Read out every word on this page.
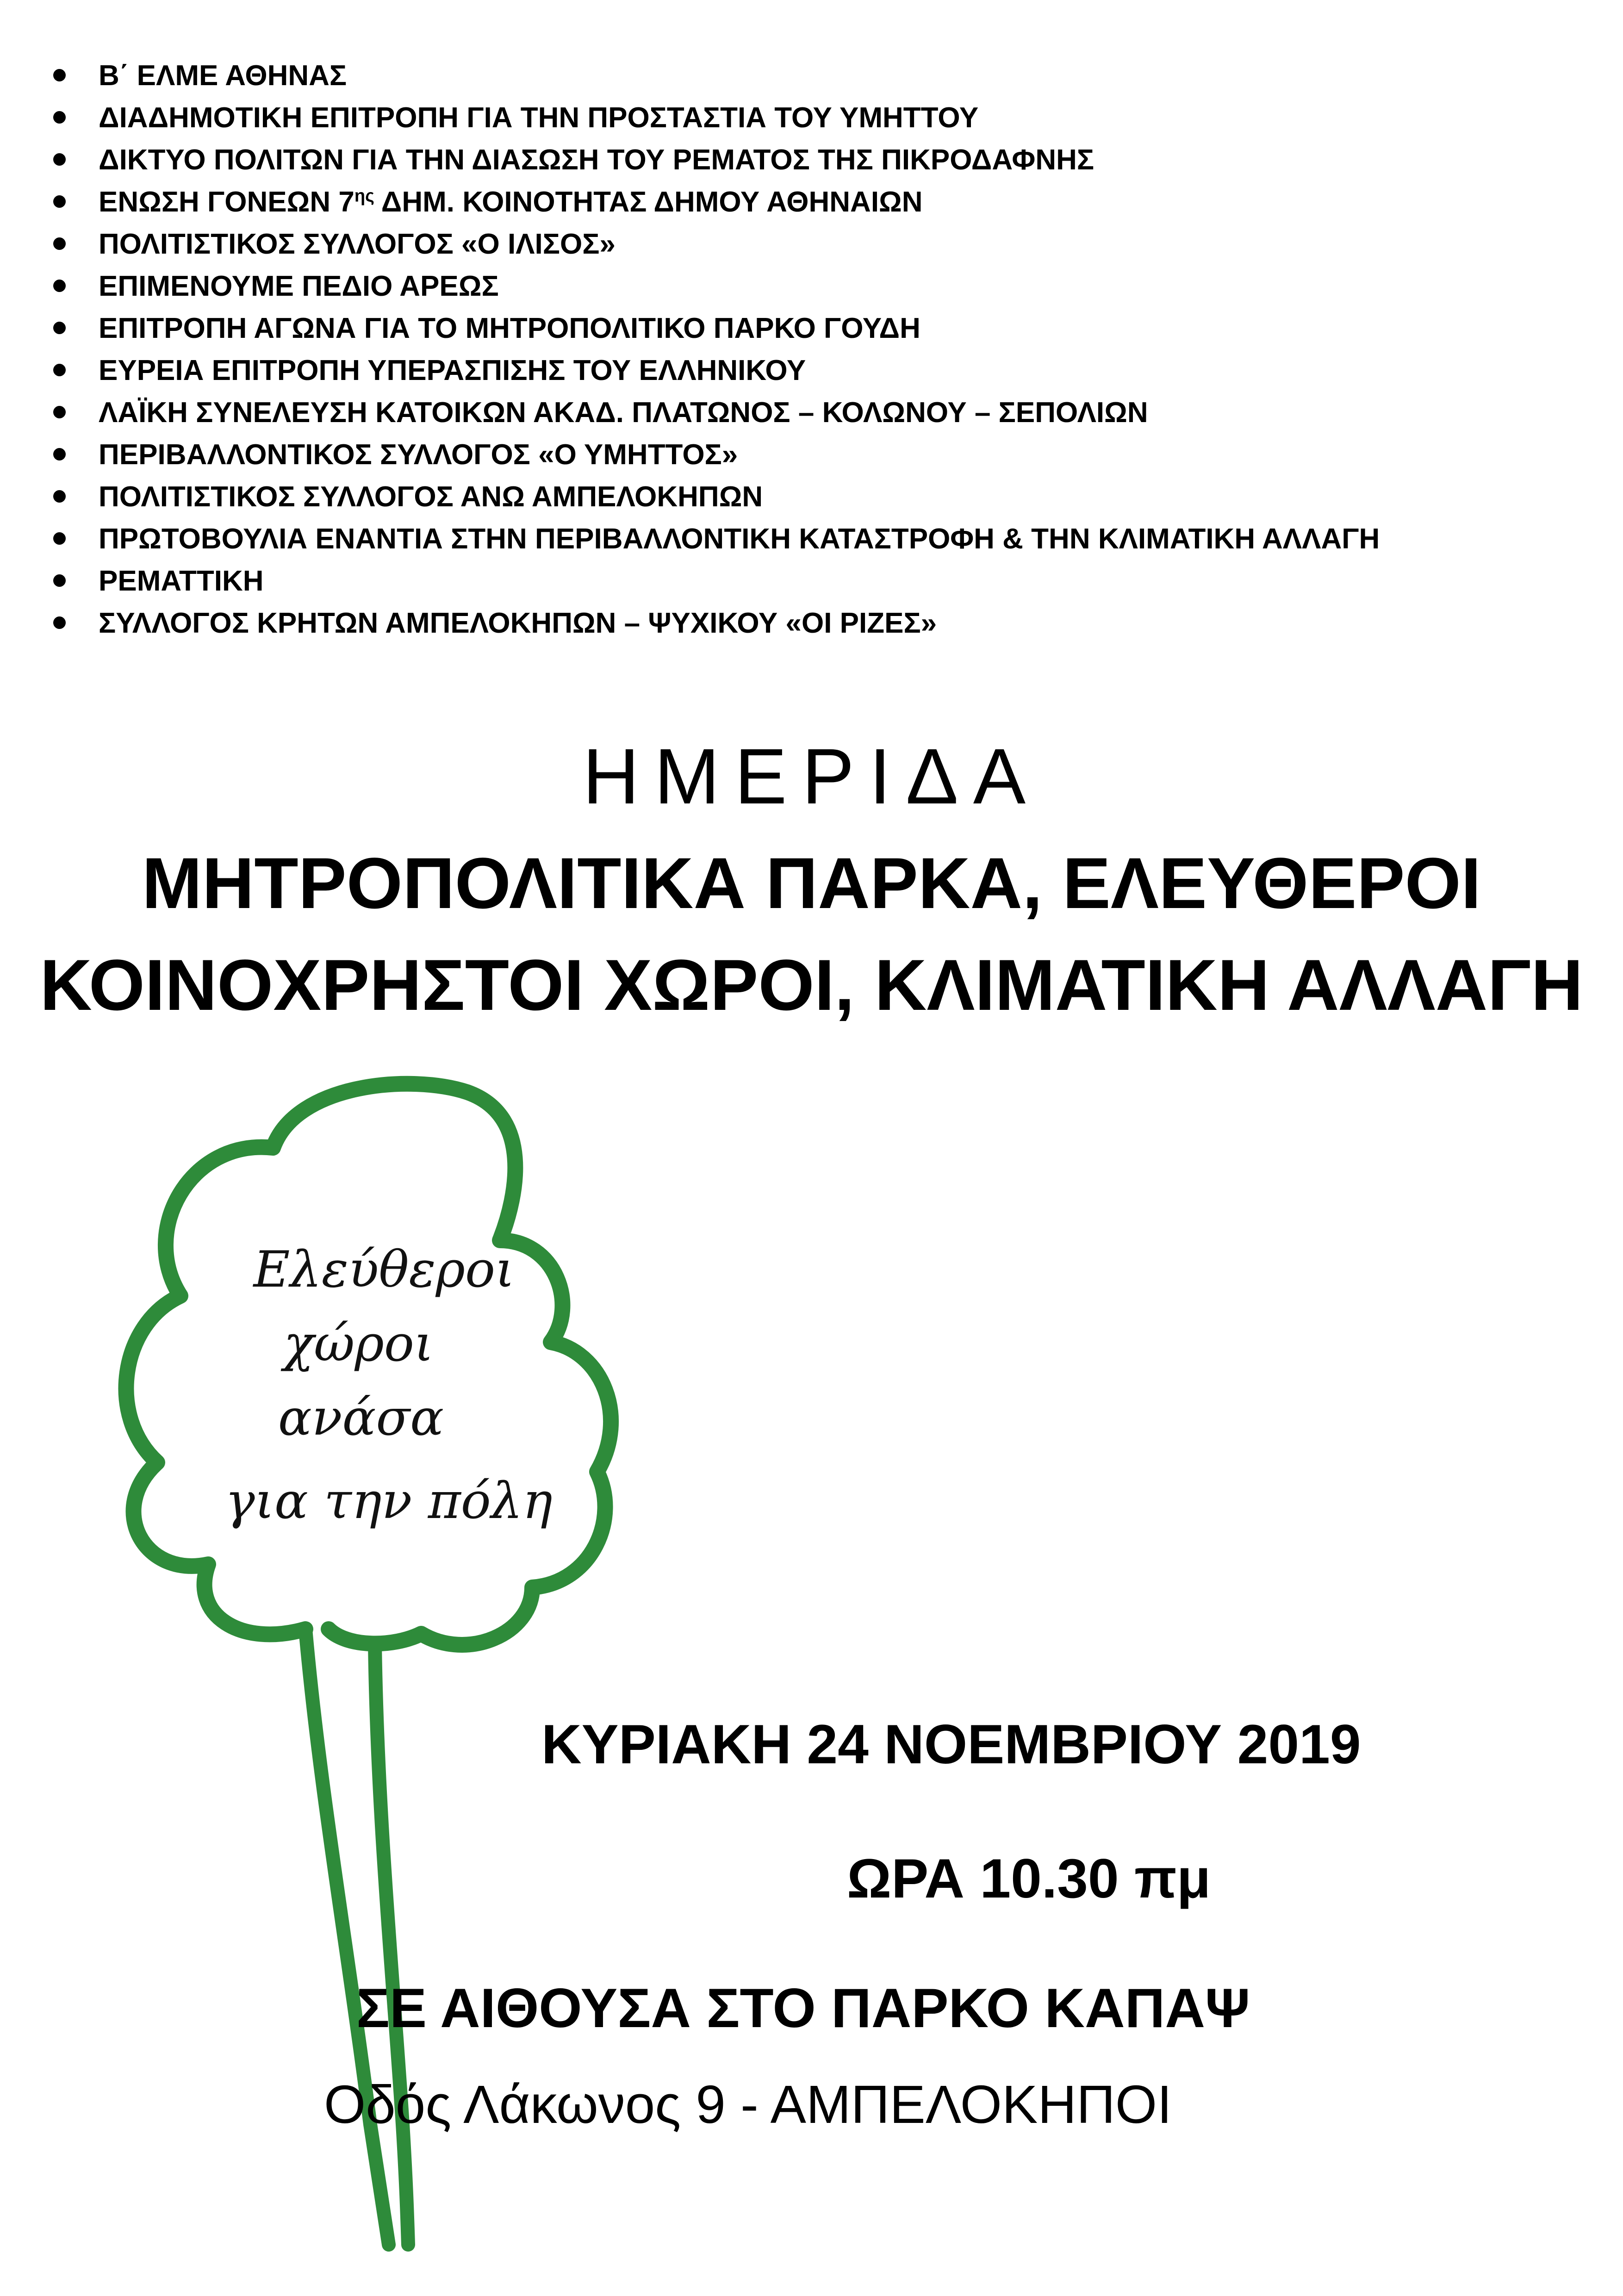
Β΄ ΕΛΜΕ ΑΘΗΝΑΣ
ΔΙΑΔΗΜΟΤΙΚΗ ΕΠΙΤΡΟΠΗ ΓΙΑ ΤΗΝ ΠΡΟΣΤΑΣΤΙΑ ΤΟΥ ΥΜΗΤΤΟΥ
ΔΙΚΤΥΟ ΠΟΛΙΤΩΝ ΓΙΑ ΤΗΝ ΔΙΑΣΩΣΗ ΤΟΥ ΡΕΜΑΤΟΣ ΤΗΣ ΠΙΚΡΟΔΑΦΝΗΣ
ΕΝΩΣΗ ΓΟΝΕΩΝ $7^{\eta\varsigma}$ ΔΗΜ. ΚΟΙΝΟΤΗΤΑΣ ΔΗΜΟΥ ΑΘΗΝΑΙΩΝ
ΠΟΛΙΤΙΣΤΙΚΟΣ ΣΥΛΛΟΓΟΣ «Ο ΙΛΙΣΟΣ»
ΕΠΙΜΕΝΟΥΜΕ ΠΕΔΙΟ ΑΡΕΩΣ
ΕΠΙΤΡΟΠΗ ΑΓΩΝΑ ΓΙΑ ΤΟ ΜΗΤΡΟΠΟΛΙΤΙΚΟ ΠΑΡΚΟ ΓΟΥΔΗ
ΕΥΡΕΙΑ ΕΠΙΤΡΟΠΗ ΥΠΕΡΑΣΠΙΣΗΣ ΤΟΥ ΕΛΛΗΝΙΚΟΥ
ΛΑΪΚΗ ΣΥΝΕΛΕΥΣΗ ΚΑΤΟΙΚΩΝ ΑΚΑΔ. ΠΛΑΤΩΝΟΣ – ΚΟΛΩΝΟΥ – ΣΕΠΟΛΙΩΝ
ΠΕΡΙΒΑΛΛΟΝΤΙΚΟΣ ΣΥΛΛΟΓΟΣ «Ο ΥΜΗΤΤΟΣ»
ΠΟΛΙΤΙΣΤΙΚΟΣ ΣΥΛΛΟΓΟΣ ΑΝΩ ΑΜΠΕΛΟΚΗΠΩΝ
ΠΡΩΤΟΒΟΥΛΙΑ ΕΝΑΝΤΙΑ ΣΤΗΝ ΠΕΡΙΒΑΛΛΟΝΤΙΚΗ ΚΑΤΑΣΤΡΟΦΗ & ΤΗΝ ΚΛΙΜΑΤΙΚΗ ΑΛΛΑΓΗ
ΡΕΜΑΤΤΙΚΗ
ΣΥΛΛΟΓΟΣ ΚΡΗΤΩΝ ΑΜΠΕΛΟΚΗΠΩΝ – ΨΥΧΙΚΟΥ «ΟΙ ΡΙΖΕΣ»
ΗΜΕΡΙΔΑ
ΜΗΤΡΟΠΟΛΙΤΙΚΑ ΠΑΡΚΑ, ΕΛΕΥΘΕΡΟΙ
ΚΟΙΝΟΧΡΗΣΤΟΙ ΧΩΡΟΙ, ΚΛΙΜΑΤΙΚΗ ΑΛΛΑΓΗ
Ελεύθεροι
χώροι
ανάσα
για την πόλη
ΚΥΡΙΑΚΗ 24 ΝΟΕΜΒΡΙΟΥ 2019
ΩΡΑ 10.30 πμ
ΣΕ ΑΙΘΟΥΣΑ ΣΤΟ ΠΑΡΚΟ ΚΑΠΑΨ
Οδός Λάκωνος 9 - ΑΜΠΕΛΟΚΗΠΟΙ
